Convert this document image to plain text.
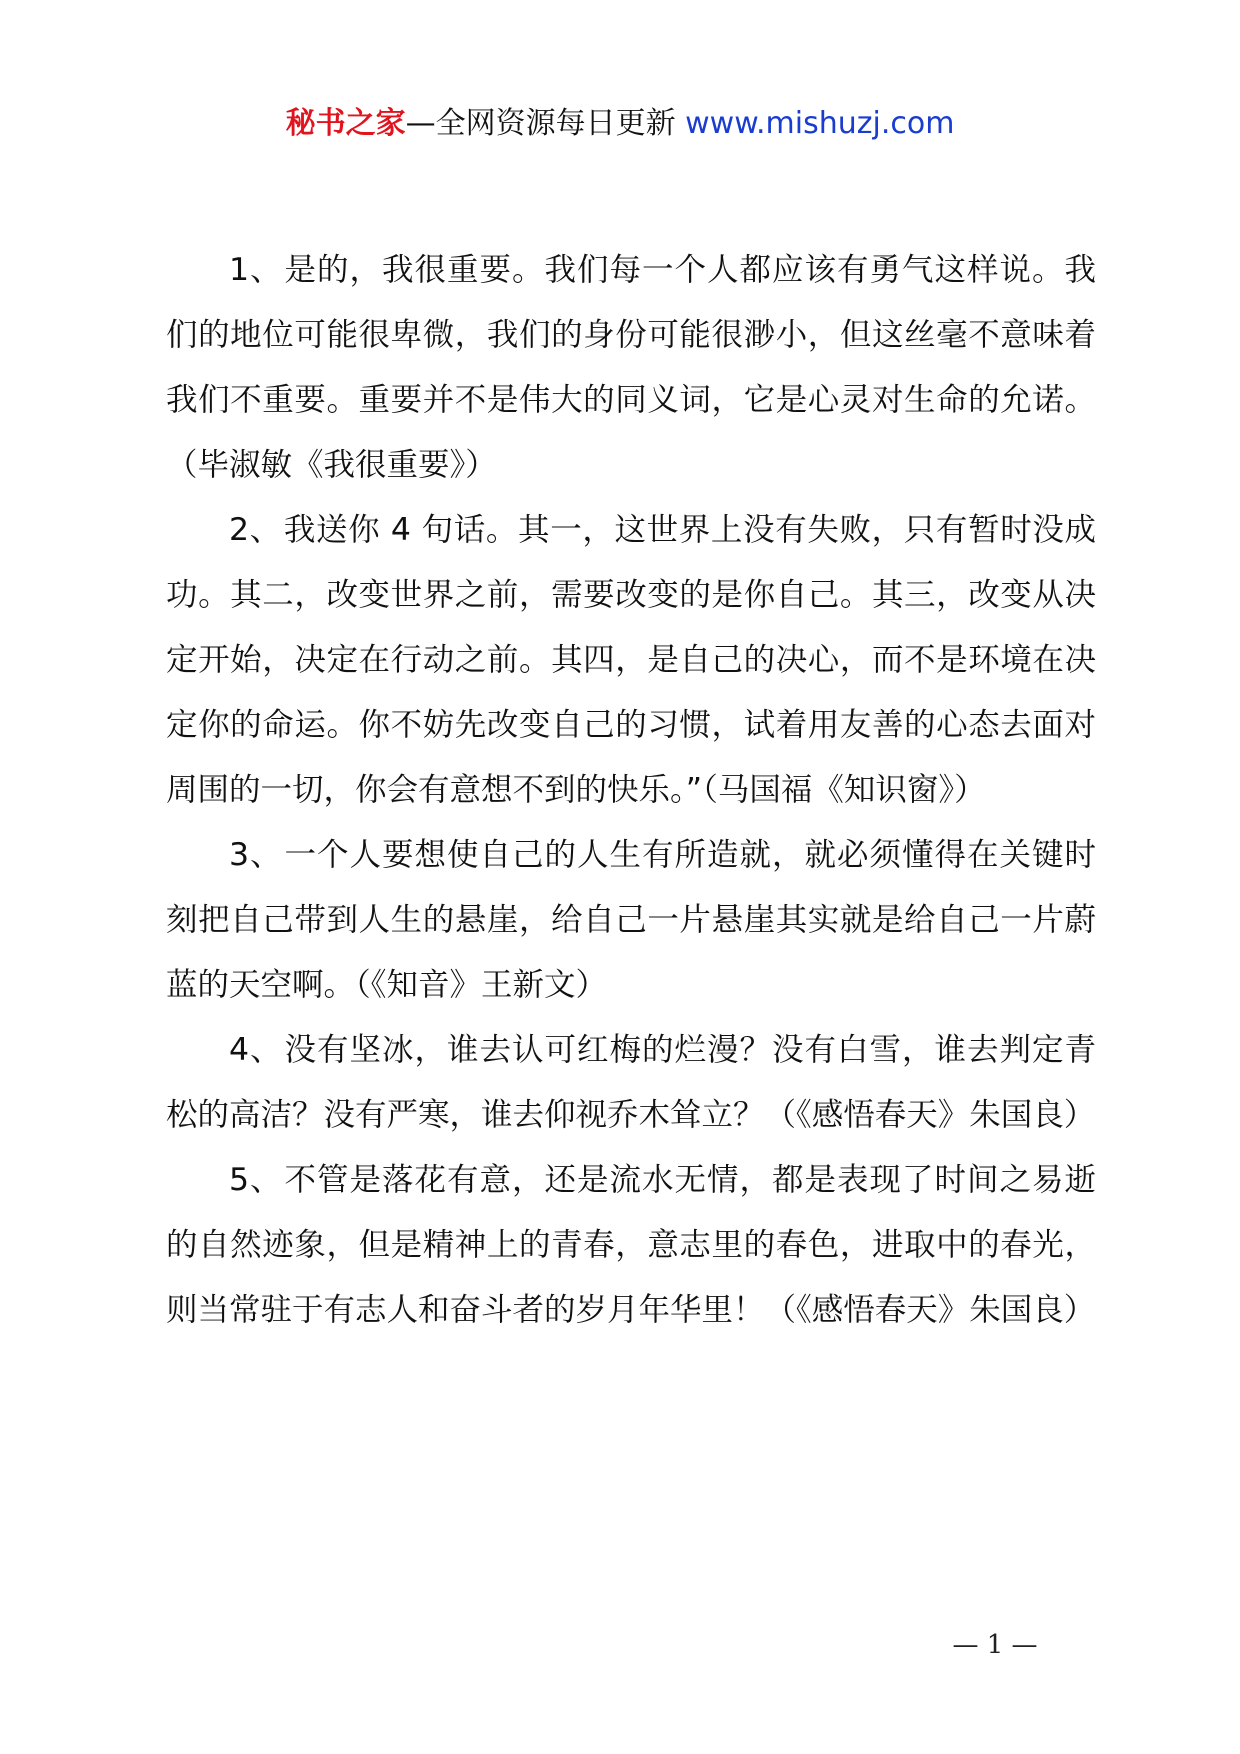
秘书之家—全网资源每日更新 www.mishuzj.com

1、是的，我很重要。我们每一个人都应该有勇气这样说。我们的地位可能很卑微，我们的身份可能很渺小，但这丝毫不意味着我们不重要。重要并不是伟大的同义词，它是心灵对生命的允诺。（毕淑敏《我很重要》）

2、我送你 4 句话。其一，这世界上没有失败，只有暂时没成功。其二，改变世界之前，需要改变的是你自己。其三，改变从决定开始，决定在行动之前。其四，是自己的决心，而不是环境在决定你的命运。你不妨先改变自己的习惯，试着用友善的心态去面对周围的一切，你会有意想不到的快乐。”（马国福《知识窗》）

3、一个人要想使自己的人生有所造就，就必须懂得在关键时刻把自己带到人生的悬崖，给自己一片悬崖其实就是给自己一片蔚蓝的天空啊。（《知音》王新文）

4、没有坚冰，谁去认可红梅的烂漫？没有白雪，谁去判定青松的高洁？没有严寒，谁去仰视乔木耸立？（《感悟春天》朱国良）

5、不管是落花有意，还是流水无情，都是表现了时间之易逝的自然迹象，但是精神上的青春，意志里的春色，进取中的春光，则当常驻于有志人和奋斗者的岁月年华里！（《感悟春天》朱国良）

— 1 —
